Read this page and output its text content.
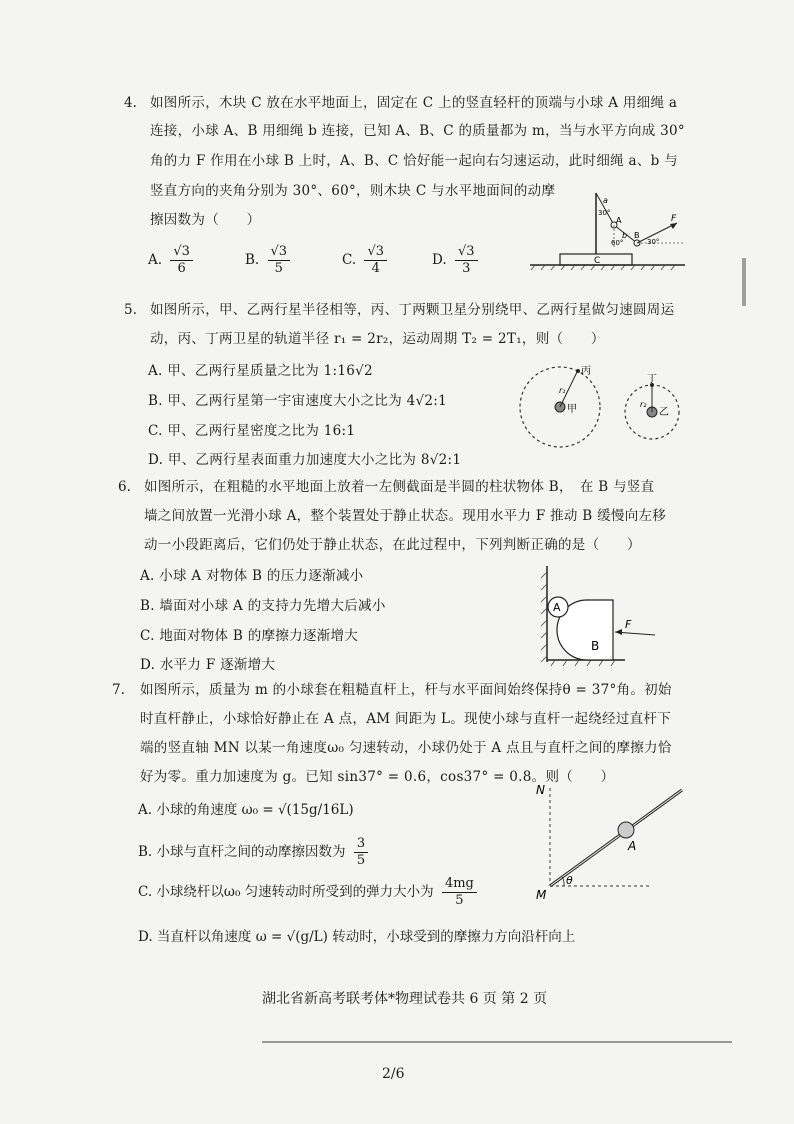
4. 如图所示，木块 C 放在水平地面上，固定在 C 上的竖直轻杆的顶端与小球 A 用细绳 a
连接，小球 A、B 用细绳 b 连接，已知 A、B、C 的质量都为 m，当与水平方向成 30°
角的力 F 作用在小球 B 上时，A、B、C 恰好能一起向右匀速运动，此时细绳 a、b 与
竖直方向的夹角分别为 30°、60°，则木块 C 与水平地面间的动摩
擦因数为（　　）
A. $\frac{√3}{6}$	B. $\frac{√3}{5}$	C. $\frac{√3}{4}$	D. $\frac{√3}{3}$	C
a
30°
A
b
60°
B
F
30°
5. 如图所示，甲、乙两行星半径相等，丙、丁两颗卫星分别绕甲、乙两行星做匀速圆周运
动，丙、丁两卫星的轨道半径 r₁ = 2r₂，运动周期 T₂ = 2T₁，则（　　）
A. 甲、乙两行星质量之比为 1:16√2
B. 甲、乙两行星第一宇宙速度大小之比为 4√2:1
C. 甲、乙两行星密度之比为 16:1
D. 甲、乙两行星表面重力加速度大小之比为 8√2:1
丙
甲
r₁
丁
乙
r₂
6. 如图所示，在粗糙的水平地面上放着一左侧截面是半圆的柱状物体 B，　在 B 与竖直
墙之间放置一光滑小球 A，整个装置处于静止状态。现用水平力 F 推动 B 缓慢向左移
动一小段距离后，它们仍处于静止状态，在此过程中，下列判断正确的是（　　）
A. 小球 A 对物体 B 的压力逐渐减小
B. 墙面对小球 A 的支持力先增大后减小
C. 地面对物体 B 的摩擦力逐渐增大
D. 水平力 F 逐渐增大
A
B
F
7. 如图所示，质量为 m 的小球套在粗糙直杆上，杆与水平面间始终保持θ = 37°角。初始
时直杆静止，小球恰好静止在 A 点，AM 间距为 L。现使小球与直杆一起绕经过直杆下
端的竖直轴 MN 以某一角速度ω₀ 匀速转动，小球仍处于 A 点且与直杆之间的摩擦力恰
好为零。重力加速度为 g。已知 sin37° = 0.6，cos37° = 0.8。则（　　）
A. 小球的角速度 ω₀ = √(15g/16L)
B. 小球与直杆之间的动摩擦因数为 $\frac{3}{5}$
C. 小球绕杆以ω₀ 匀速转动时所受到的弹力大小为 $\frac{4mg}{5}$
D. 当直杆以角速度 ω = √(g/L) 转动时，小球受到的摩擦力方向沿杆向上
N
M
A
θ
湖北省新高考联考体*物理试卷共 6 页 第 2 页
2/6
